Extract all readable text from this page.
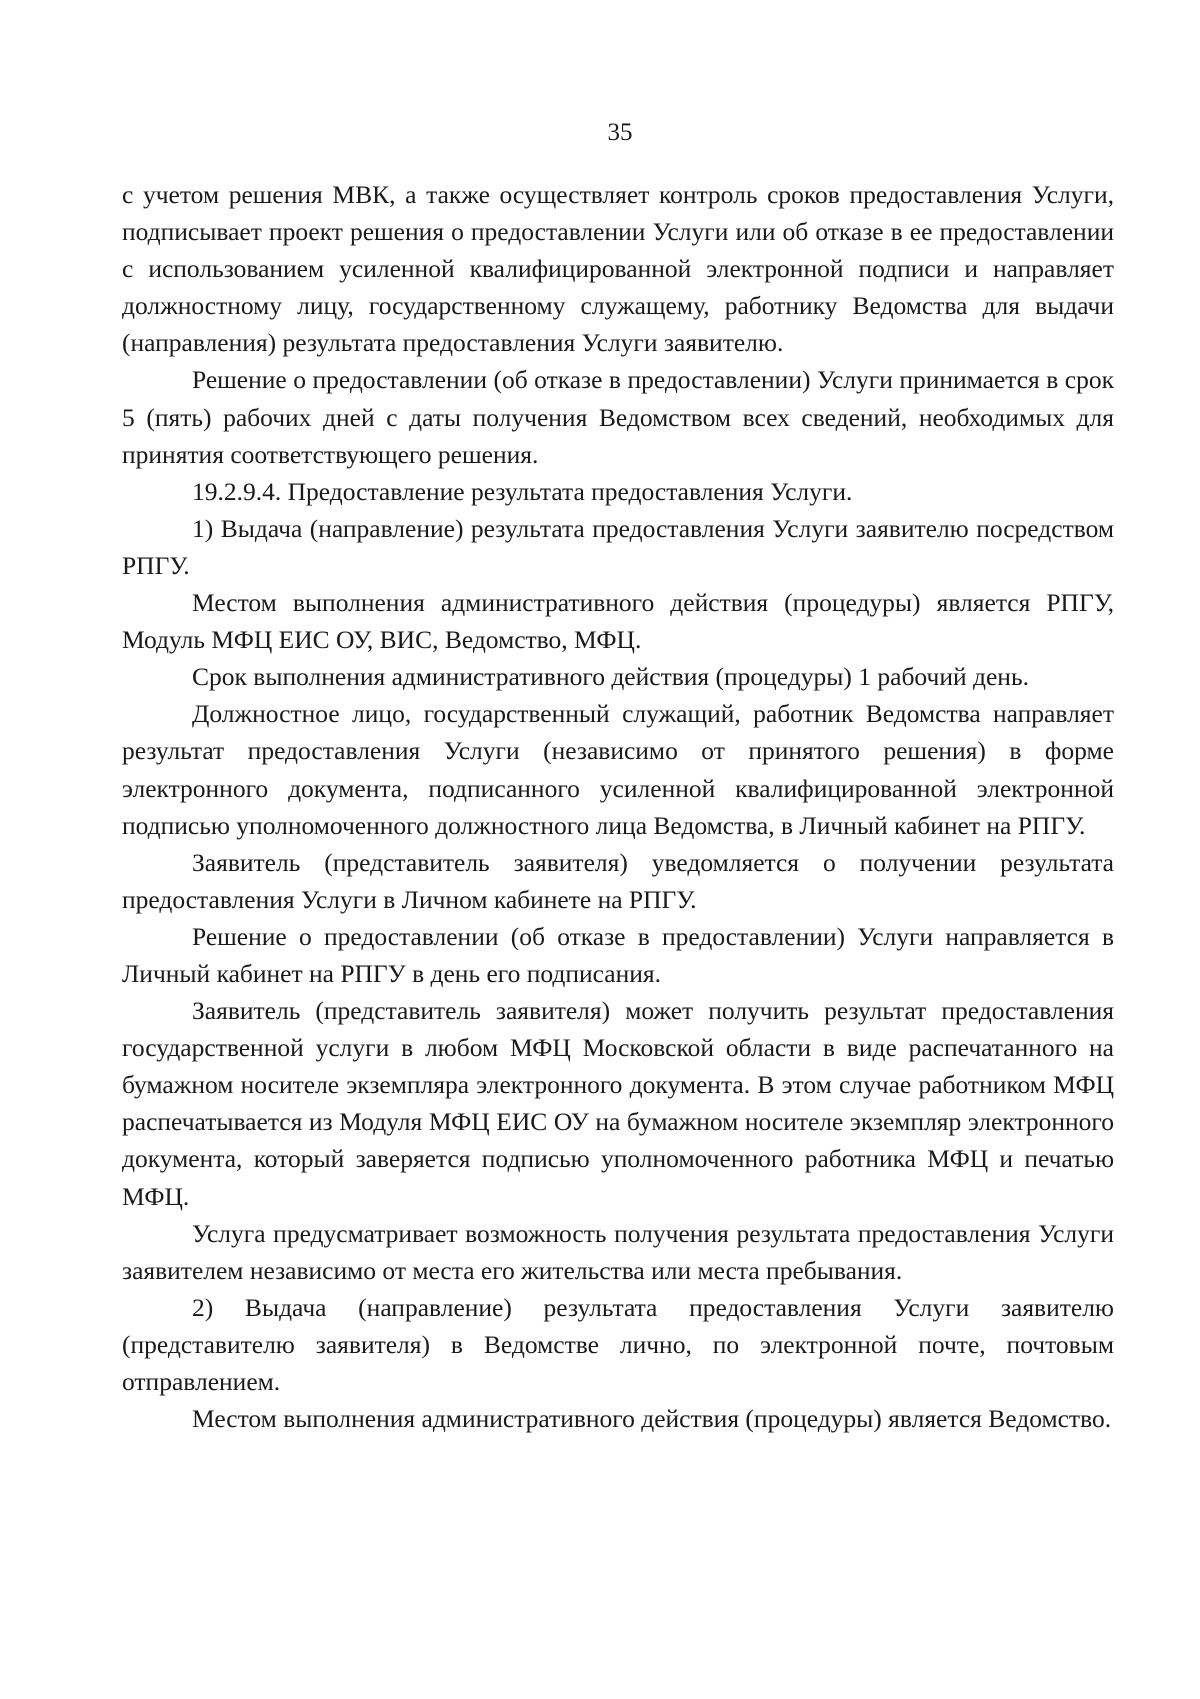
35

с учетом решения МВК, а также осуществляет контроль сроков предоставления Услуги, подписывает проект решения о предоставлении Услуги или об отказе в ее предоставлении с использованием усиленной квалифицированной электронной подписи и направляет должностному лицу, государственному служащему, работнику Ведомства для выдачи (направления) результата предоставления Услуги заявителю.

Решение о предоставлении (об отказе в предоставлении) Услуги принимается в срок 5 (пять) рабочих дней с даты получения Ведомством всех сведений, необходимых для принятия соответствующего решения.

19.2.9.4. Предоставление результата предоставления Услуги.

1) Выдача (направление) результата предоставления Услуги заявителю посредством РПГУ.

Местом выполнения административного действия (процедуры) является РПГУ, Модуль МФЦ ЕИС ОУ, ВИС, Ведомство, МФЦ.

Срок выполнения административного действия (процедуры) 1 рабочий день.

Должностное лицо, государственный служащий, работник Ведомства направляет результат предоставления Услуги (независимо от принятого решения) в форме электронного документа, подписанного усиленной квалифицированной электронной подписью уполномоченного должностного лица Ведомства, в Личный кабинет на РПГУ.

Заявитель (представитель заявителя) уведомляется о получении результата предоставления Услуги в Личном кабинете на РПГУ.

Решение о предоставлении (об отказе в предоставлении) Услуги направляется в Личный кабинет на РПГУ в день его подписания.

Заявитель (представитель заявителя) может получить результат предоставления государственной услуги в любом МФЦ Московской области в виде распечатанного на бумажном носителе экземпляра электронного документа. В этом случае работником МФЦ распечатывается из Модуля МФЦ ЕИС ОУ на бумажном носителе экземпляр электронного документа, который заверяется подписью уполномоченного работника МФЦ и печатью МФЦ.

Услуга предусматривает возможность получения результата предоставления Услуги заявителем независимо от места его жительства или места пребывания.

2) Выдача (направление) результата предоставления Услуги заявителю (представителю заявителя) в Ведомстве лично, по электронной почте, почтовым отправлением.

Местом выполнения административного действия (процедуры) является Ведомство.
